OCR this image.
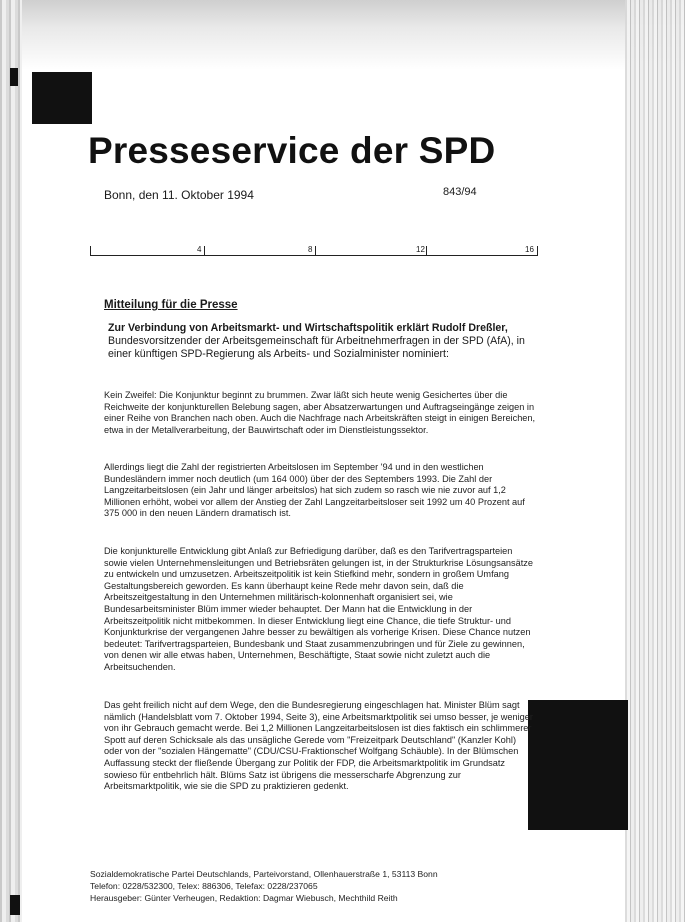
Presseservice der SPD
Bonn, den 11. Oktober 1994	843/94
4	8	12	16
Mitteilung für die Presse
Zur Verbindung von Arbeitsmarkt- und Wirtschaftspolitik erklärt Rudolf Dreßler, Bundesvorsitzender der Arbeitsgemeinschaft für Arbeitnehmerfragen in der SPD (AfA), in einer künftigen SPD-Regierung als Arbeits- und Sozialminister nominiert:
Kein Zweifel: Die Konjunktur beginnt zu brummen. Zwar läßt sich heute wenig Gesichertes über die Reichweite der konjunkturellen Belebung sagen, aber Absatzerwartungen und Auftragseingänge zeigen in einer Reihe von Branchen nach oben. Auch die Nachfrage nach Arbeitskräften steigt in einigen Bereichen, etwa in der Metallverarbeitung, der Bauwirtschaft oder im Dienstleistungssektor.
Allerdings liegt die Zahl der registrierten Arbeitslosen im September '94 und in den westlichen Bundesländern immer noch deutlich (um 164 000) über der des Septembers 1993. Die Zahl der Langzeitarbeitslosen (ein Jahr und länger arbeitslos) hat sich zudem so rasch wie nie zuvor auf 1,2 Millionen erhöht, wobei vor allem der Anstieg der Zahl Langzeitarbeitsloser seit 1992 um 40 Prozent auf 375 000 in den neuen Ländern dramatisch ist.
Die konjunkturelle Entwicklung gibt Anlaß zur Befriedigung darüber, daß es den Tarifvertragsparteien sowie vielen Unternehmensleitungen und Betriebsräten gelungen ist, in der Strukturkrise Lösungsansätze zu entwickeln und umzusetzen. Arbeitszeitpolitik ist kein Stiefkind mehr, sondern in großem Umfang Gestaltungsbereich geworden. Es kann überhaupt keine Rede mehr davon sein, daß die Arbeitszeitgestaltung in den Unternehmen militärisch-kolonnenhaft organisiert sei, wie Bundesarbeitsminister Blüm immer wieder behauptet. Der Mann hat die Entwicklung in der Arbeitszeitpolitik nicht mitbekommen. In dieser Entwicklung liegt eine Chance, die tiefe Struktur- und Konjunkturkrise der vergangenen Jahre besser zu bewältigen als vorherige Krisen. Diese Chance nutzen bedeutet: Tarifvertragsparteien, Bundesbank und Staat zusammenzubringen und für Ziele zu gewinnen, von denen wir alle etwas haben, Unternehmen, Beschäftigte, Staat sowie nicht zuletzt auch die Arbeitsuchenden.
Das geht freilich nicht auf dem Wege, den die Bundesregierung eingeschlagen hat. Minister Blüm sagt nämlich (Handelsblatt vom 7. Oktober 1994, Seite 3), eine Arbeitsmarktpolitik sei umso besser, je weniger von ihr Gebrauch gemacht werde. Bei 1,2 Millionen Langzeitarbeitslosen ist dies faktisch ein schlimmerer Spott auf deren Schicksale als das unsägliche Gerede vom "Freizeitpark Deutschland" (Kanzler Kohl) oder von der "sozialen Hängematte" (CDU/CSU-Fraktionschef Wolfgang Schäuble). In der Blümschen Auffassung steckt der fließende Übergang zur Politik der FDP, die Arbeitsmarktpolitik im Grundsatz sowieso für entbehrlich hält. Blüms Satz ist übrigens die messerscharfe Abgrenzung zur Arbeitsmarktpolitik, wie sie die SPD zu praktizieren gedenkt.
Sozialdemokratische Partei Deutschlands, Parteivorstand, Ollenhauerstraße 1, 53113 Bonn
Telefon: 0228/532300, Telex: 886306, Telefax: 0228/237065
Herausgeber: Günter Verheugen, Redaktion: Dagmar Wiebusch, Mechthild Reith
